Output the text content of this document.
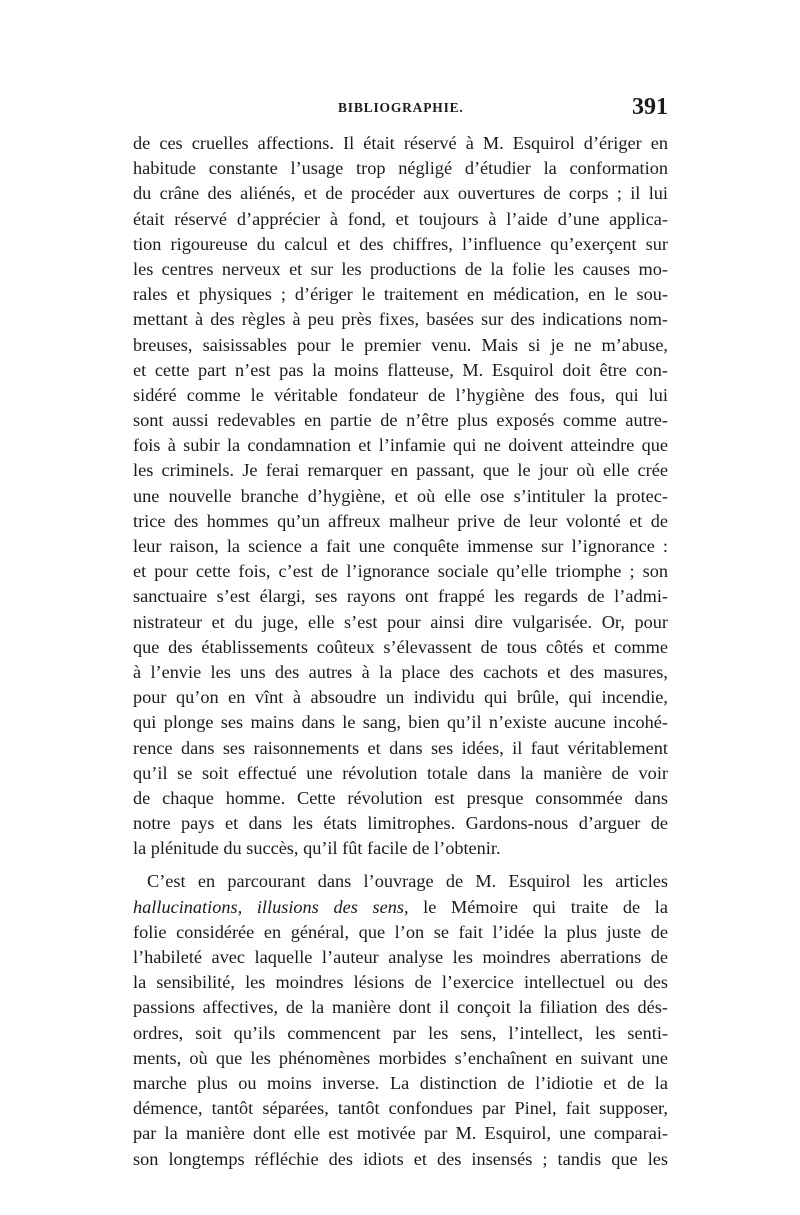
BIBLIOGRAPHIE.	391
de ces cruelles affections. Il était réservé à M. Esquirol d’ériger en
habitude constante l’usage trop négligé d’étudier la conformation
du crâne des aliénés, et de procéder aux ouvertures de corps ; il lui
était réservé d’apprécier à fond, et toujours à l’aide d’une applica-
tion rigoureuse du calcul et des chiffres, l’influence qu’exerçent sur
les centres nerveux et sur les productions de la folie les causes mo-
rales et physiques ; d’ériger le traitement en médication, en le sou-
mettant à des règles à peu près fixes, basées sur des indications nom-
breuses, saisissables pour le premier venu. Mais si je ne m’abuse,
et cette part n’est pas la moins flatteuse, M. Esquirol doit être con-
sidéré comme le véritable fondateur de l’hygiène des fous, qui lui
sont aussi redevables en partie de n’être plus exposés comme autre-
fois à subir la condamnation et l’infamie qui ne doivent atteindre que
les criminels. Je ferai remarquer en passant, que le jour où elle crée
une nouvelle branche d’hygiène, et où elle ose s’intituler la protec-
trice des hommes qu’un affreux malheur prive de leur volonté et de
leur raison, la science a fait une conquête immense sur l’ignorance :
et pour cette fois, c’est de l’ignorance sociale qu’elle triomphe ; son
sanctuaire s’est élargi, ses rayons ont frappé les regards de l’admi-
nistrateur et du juge, elle s’est pour ainsi dire vulgarisée. Or, pour
que des établissements coûteux s’élevassent de tous côtés et comme
à l’envie les uns des autres à la place des cachots et des masures,
pour qu’on en vînt à absoudre un individu qui brûle, qui incendie,
qui plonge ses mains dans le sang, bien qu’il n’existe aucune incohé-
rence dans ses raisonnements et dans ses idées, il faut véritablement
qu’il se soit effectué une révolution totale dans la manière de voir
de chaque homme. Cette révolution est presque consommée dans
notre pays et dans les états limitrophes. Gardons-nous d’arguer de
la plénitude du succès, qu’il fût facile de l’obtenir.
C’est en parcourant dans l’ouvrage de M. Esquirol les articles
hallucinations, illusions des sens, le Mémoire qui traite de la
folie considérée en général, que l’on se fait l’idée la plus juste de
l’habileté avec laquelle l’auteur analyse les moindres aberrations de
la sensibilité, les moindres lésions de l’exercice intellectuel ou des
passions affectives, de la manière dont il conçoit la filiation des dés-
ordres, soit qu’ils commencent par les sens, l’intellect, les senti-
ments, où que les phénomènes morbides s’enchaînent en suivant une
marche plus ou moins inverse. La distinction de l’idiotie et de la
démence, tantôt séparées, tantôt confondues par Pinel, fait supposer,
par la manière dont elle est motivée par M. Esquirol, une comparai-
son longtemps réfléchie des idiots et des insensés ; tandis que les
